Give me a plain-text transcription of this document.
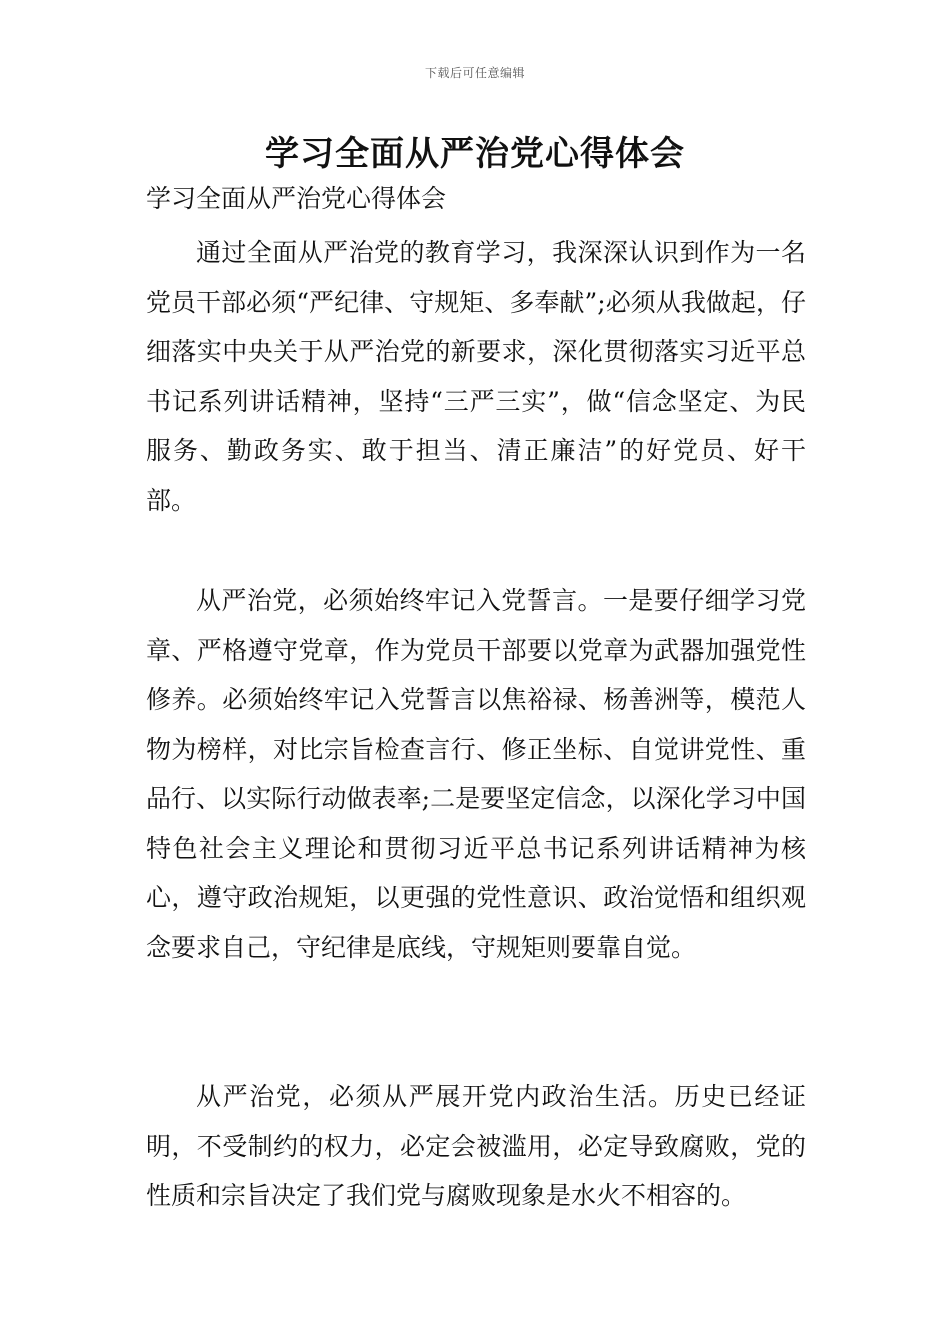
下载后可任意编辑
学习全面从严治党心得体会

学习全面从严治党心得体会

通过全面从严治党的教育学习，我深深认识到作为一名党员干部必须“严纪律、守规矩、多奉献”;必须从我做起，仔细落实中央关于从严治党的新要求，深化贯彻落实习近平总书记系列讲话精神，坚持“三严三实”，做“信念坚定、为民服务、勤政务实、敢于担当、清正廉洁”的好党员、好干部。

从严治党，必须始终牢记入党誓言。一是要仔细学习党章、严格遵守党章，作为党员干部要以党章为武器加强党性修养。必须始终牢记入党誓言以焦裕禄、杨善洲等，模范人物为榜样，对比宗旨检查言行、修正坐标、自觉讲党性、重品行、以实际行动做表率;二是要坚定信念，以深化学习中国特色社会主义理论和贯彻习近平总书记系列讲话精神为核心，遵守政治规矩，以更强的党性意识、政治觉悟和组织观念要求自己，守纪律是底线，守规矩则要靠自觉。

从严治党，必须从严展开党内政治生活。历史已经证明，不受制约的权力，必定会被滥用，必定导致腐败，党的性质和宗旨决定了我们党与腐败现象是水火不相容的。
